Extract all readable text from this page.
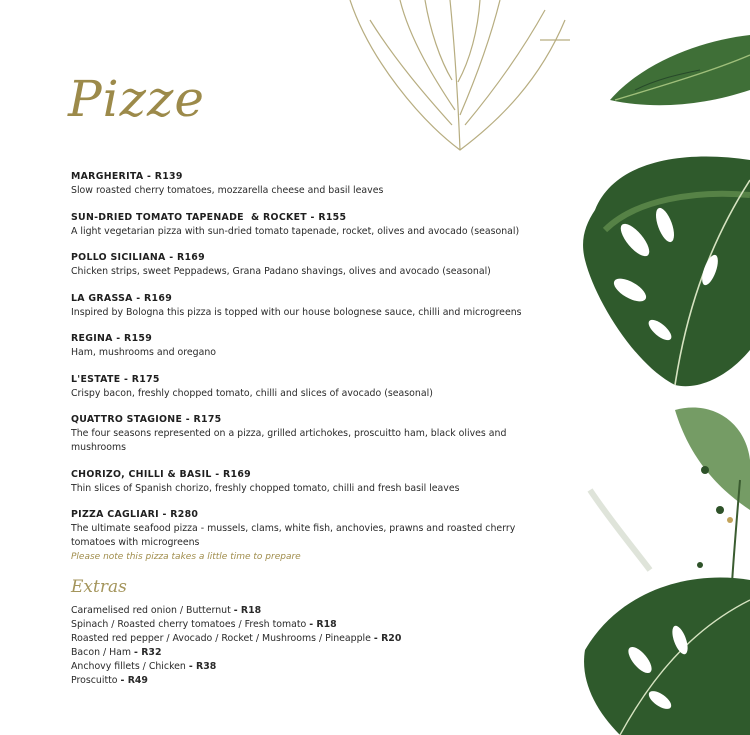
Pizze
MARGHERITA - R139
Slow roasted cherry tomatoes, mozzarella cheese and basil leaves
SUN-DRIED TOMATO TAPENADE  & ROCKET - R155
A light vegetarian pizza with sun-dried tomato tapenade, rocket, olives and avocado (seasonal)
POLLO SICILIANA - R169
Chicken strips, sweet Peppadews, Grana Padano shavings, olives and avocado (seasonal)
LA GRASSA - R169
Inspired by Bologna this pizza is topped with our house bolognese sauce, chilli and microgreens
REGINA - R159
Ham, mushrooms and oregano
L'ESTATE - R175
Crispy bacon, freshly chopped tomato, chilli and slices of avocado (seasonal)
QUATTRO STAGIONE - R175
The four seasons represented on a pizza, grilled artichokes, proscuitto ham, black olives and mushrooms
CHORIZO, CHILLI & BASIL - R169
Thin slices of Spanish chorizo, freshly chopped tomato, chilli and fresh basil leaves
PIZZA CAGLIARI - R280
The ultimate seafood pizza - mussels, clams, white fish, anchovies, prawns and roasted cherry tomatoes with microgreens
Please note this pizza takes a little time to prepare
Extras
Caramelised red onion / Butternut - R18
Spinach / Roasted cherry tomatoes / Fresh tomato - R18
Roasted red pepper / Avocado / Rocket / Mushrooms / Pineapple - R20
Bacon / Ham - R32
Anchovy fillets / Chicken - R38
Proscuitto - R49
